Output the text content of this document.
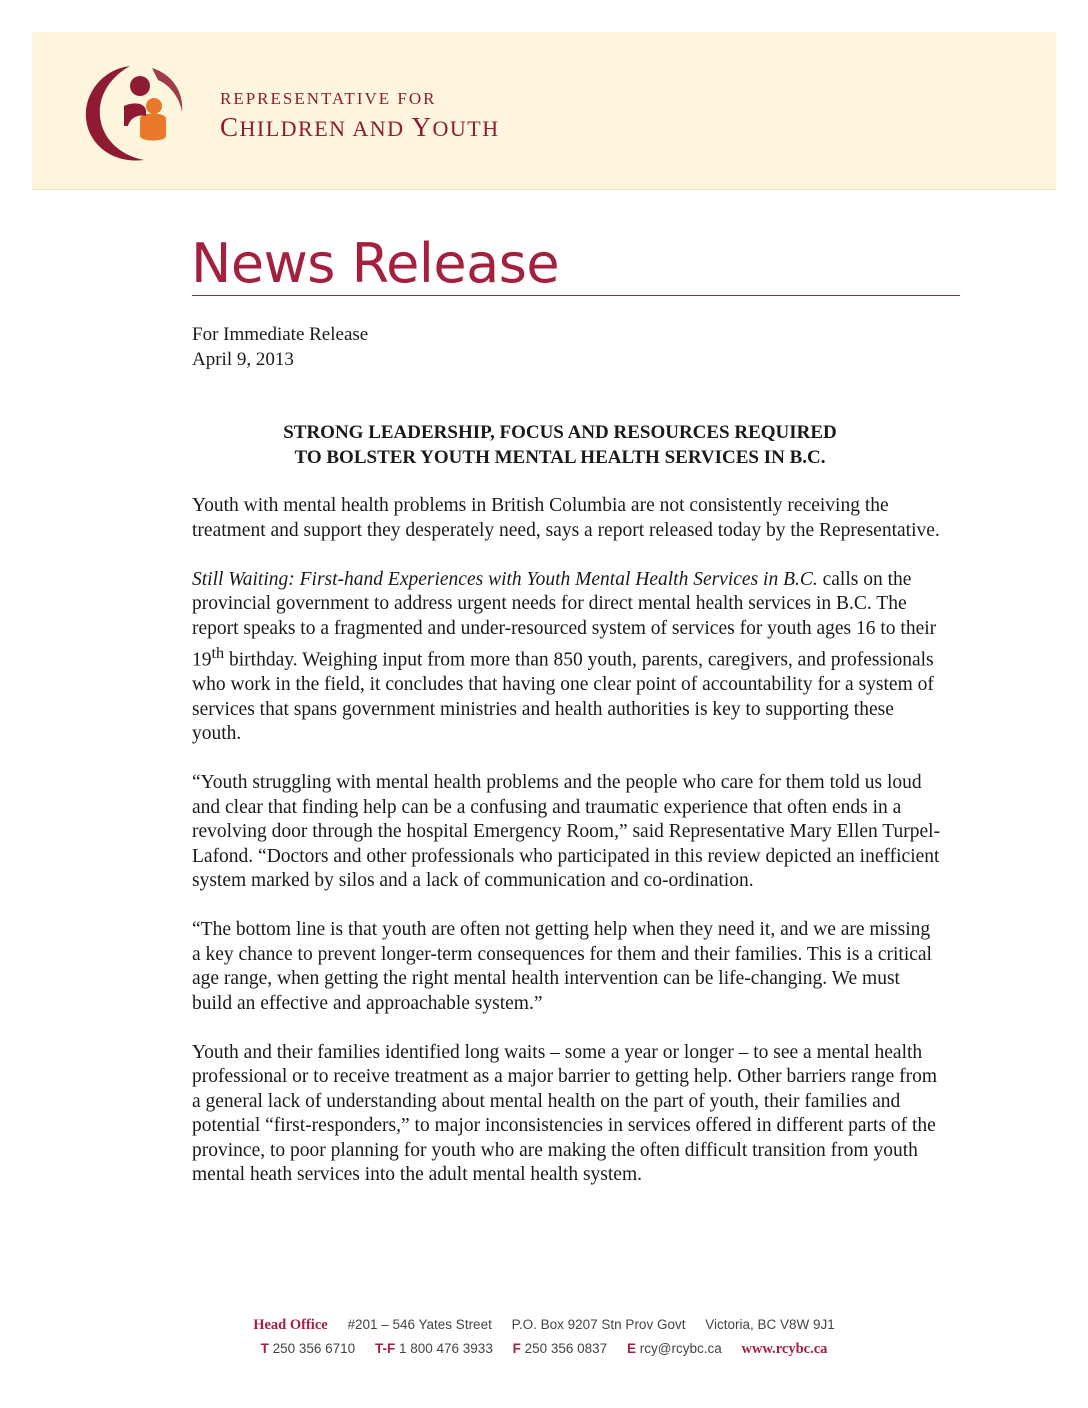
REPRESENTATIVE FOR
CHILDREN AND YOUTH
News Release
For Immediate Release
April 9, 2013
STRONG LEADERSHIP, FOCUS AND RESOURCES REQUIRED
TO BOLSTER YOUTH MENTAL HEALTH SERVICES IN B.C.

Youth with mental health problems in British Columbia are not consistently receiving the treatment and support they desperately need, says a report released today by the Representative.

Still Waiting: First-hand Experiences with Youth Mental Health Services in B.C. calls on the provincial government to address urgent needs for direct mental health services in B.C. The report speaks to a fragmented and under-resourced system of services for youth ages 16 to their 19th birthday. Weighing input from more than 850 youth, parents, caregivers, and professionals who work in the field, it concludes that having one clear point of accountability for a system of services that spans government ministries and health authorities is key to supporting these youth.

“Youth struggling with mental health problems and the people who care for them told us loud and clear that finding help can be a confusing and traumatic experience that often ends in a revolving door through the hospital Emergency Room,” said Representative Mary Ellen Turpel-Lafond. “Doctors and other professionals who participated in this review depicted an inefficient system marked by silos and a lack of communication and co-ordination.

“The bottom line is that youth are often not getting help when they need it, and we are missing a key chance to prevent longer-term consequences for them and their families. This is a critical age range, when getting the right mental health intervention can be life-changing. We must build an effective and approachable system.”

Youth and their families identified long waits – some a year or longer – to see a mental health professional or to receive treatment as a major barrier to getting help. Other barriers range from a general lack of understanding about mental health on the part of youth, their families and potential “first-responders,” to major inconsistencies in services offered in different parts of the province, to poor planning for youth who are making the often difficult transition from youth mental heath services into the adult mental health system.

Head Office #201 – 546 Yates Street P.O. Box 9207 Stn Prov Govt Victoria, BC V8W 9J1
T 250 356 6710 T-F 1 800 476 3933 F 250 356 0837 E rcy@rcybc.ca www.rcybc.ca
